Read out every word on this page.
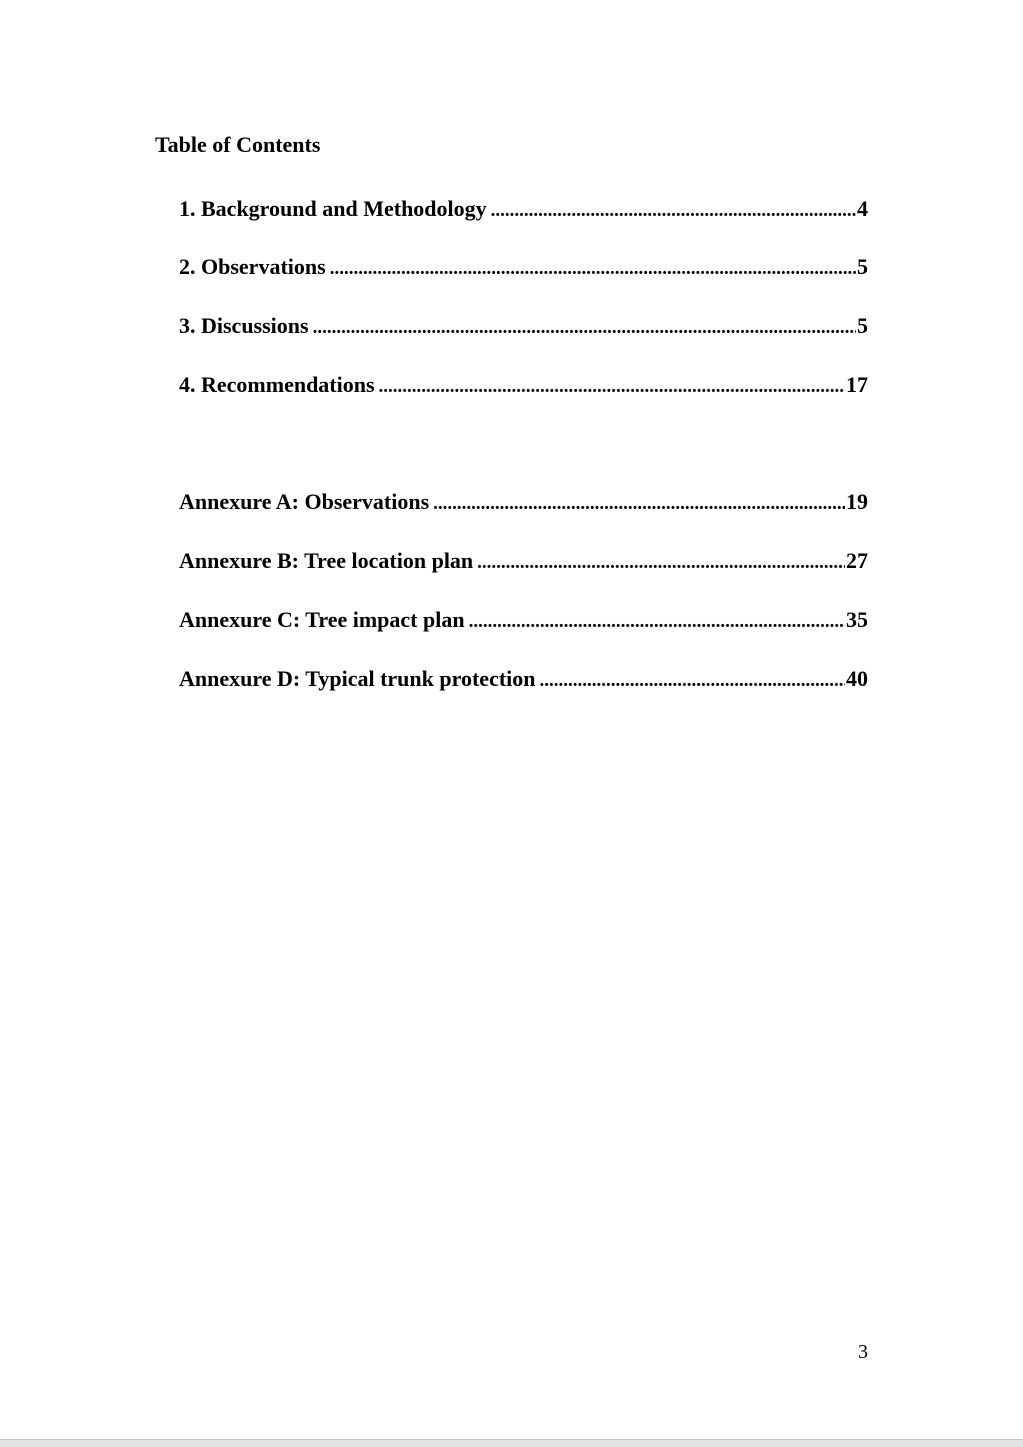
Table of Contents
1. Background and Methodology .....	4
2. Observations .....	5
3. Discussions .....	5
4. Recommendations .....	17
Annexure A: Observations .....	19
Annexure B: Tree location plan .....	27
Annexure C: Tree impact plan .....	35
Annexure D: Typical trunk protection .....	40
3
